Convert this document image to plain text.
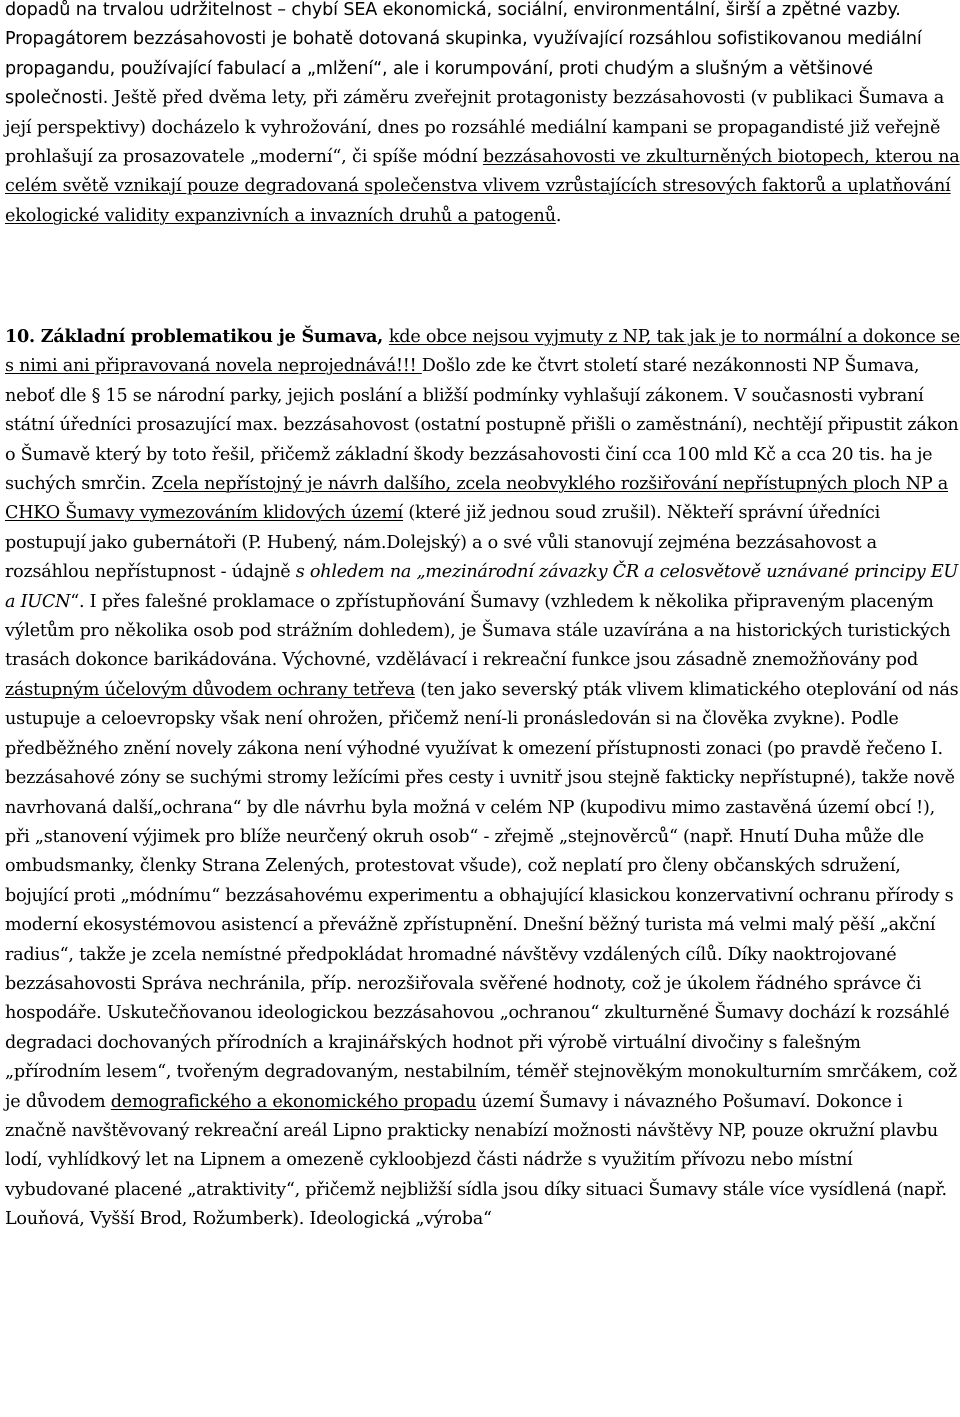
dopadů na trvalou udržitelnost – chybí SEA ekonomická, sociální, environmentální, širší a zpětné vazby. Propagátorem bezzásahovosti je bohatě dotovaná skupinka, využívající rozsáhlou sofistikovanou mediální propagandu, používající fabulací a „mlžení“, ale i korumpování, proti chudým a slušným a většinové společnosti. Ještě před dvěma lety, při záměru zveřejnit protagonisty bezzásahovosti (v publikaci Šumava a její perspektivy) docházelo k vyhrožování, dnes po rozsáhlé mediální kampani se propagandisté již veřejně prohlašují za prosazovatele „moderní“, či spíše módní bezzásahovosti ve zkulturněných biotopech, kterou na celém světě vznikají pouze degradovaná společenstva vlivem vzrůstajících stresových faktorů a uplatňování ekologické validity expanzivních a invazních druhů a patogenů.
10. Základní problematikou je Šumava, kde obce nejsou vyjmuty z NP, tak jak je to normální a dokonce se s nimi ani připravovaná novela neprojednává!!! Došlo zde ke čtvrt století staré nezákonnosti NP Šumava, neboť dle § 15 se národní parky, jejich poslání a bližší podmínky vyhlašují zákonem. V současnosti vybraní státní úředníci prosazující max. bezzásahovost (ostatní postupně přišli o zaměstnání), nechtějí připustit zákon o Šumavě který by toto řešil, přičemž základní škody bezzásahovosti činí cca 100 mld Kč a cca 20 tis. ha je suchých smrčin. Zcela nepřístojný je návrh dalšího, zcela neobvyklého rozšiřování nepřístupných ploch NP a CHKO Šumavy vymezováním klidových území (které již jednou soud zrušil). Někteří správní úředníci postupují jako gubernátoři (P. Hubený, nám.Dolejský) a o své vůli stanovují zejména bezzásahovost a rozsáhlou nepřístupnost - údajně s ohledem na „mezinárodní závazky ČR a celosvětově uznávané principy EU a IUCN“. I přes falešné proklamace o zpřístupňování Šumavy (vzhledem k několika připraveným placeným výletům pro několika osob pod strážním dohledem), je Šumava stále uzavírána a na historických turistických trasách dokonce barikádována. Výchovné, vzdělávací i rekreační funkce jsou zásadně znemožňovány pod zástupným účelovým důvodem ochrany tetřeva (ten jako severský pták vlivem klimatického oteplování od nás ustupuje a celoevropsky však není ohrožen, přičemž není-li pronásledován si na člověka zvykne). Podle předběžného znění novely zákona není výhodné využívat k omezení přístupnosti zonaci (po pravdě řečeno I. bezzásahové zóny se suchými stromy ležícími přes cesty i uvnitř jsou stejně fakticky nepřístupné), takže nově navrhovaná další„ochrana“ by dle návrhu byla možná v celém NP (kupodivu mimo zastavěná území obcí !), při „stanovení výjimek pro blíže neurčený okruh osob“ - zřejmě „stejnověrců“ (např. Hnutí Duha může dle ombudsmanky, členky Strana Zelených, protestovat všude), což neplatí pro členy občanských sdružení, bojující proti „módnímu“ bezzásahovému experimentu a obhajující klasickou konzervativní ochranu přírody s moderní ekosystémovou asistencí a převážně zpřístupnění. Dnešní běžný turista má velmi malý pěší „akční radius“, takže je zcela nemístné předpokládat hromadné návštěvy vzdálených cílů. Díky naoktrojované bezzásahovosti Správa nechránila, příp. nerozšiřovala svěřené hodnoty, což je úkolem řádného správce či hospodáře. Uskutečňovanou ideologickou bezzásahovou „ochranou“ zkulturněné Šumavy dochází k rozsáhlé degradaci dochovaných přírodních a krajinářských hodnot při výrobě virtuální divočiny s falešným „přírodním lesem“, tvořeným degradovaným, nestabilním, téměř stejnověkým monokulturním smrčákem, což je důvodem demografického a ekonomického propadu území Šumavy i návazného Pošumaví. Dokonce i značně navštěvovaný rekreační areál Lipno prakticky nenabízí možnosti návštěvy NP, pouze okružní plavbu lodí, vyhlídkový let na Lipnem a omezeně cykloobjezd části nádrže s využitím přívozu nebo místní vybudované placené „atraktivity“, přičemž nejbližší sídla jsou díky situaci Šumavy stále více vysídlená (např. Louňová, Vyšší Brod, Rožumberk). Ideologická „výroba“
